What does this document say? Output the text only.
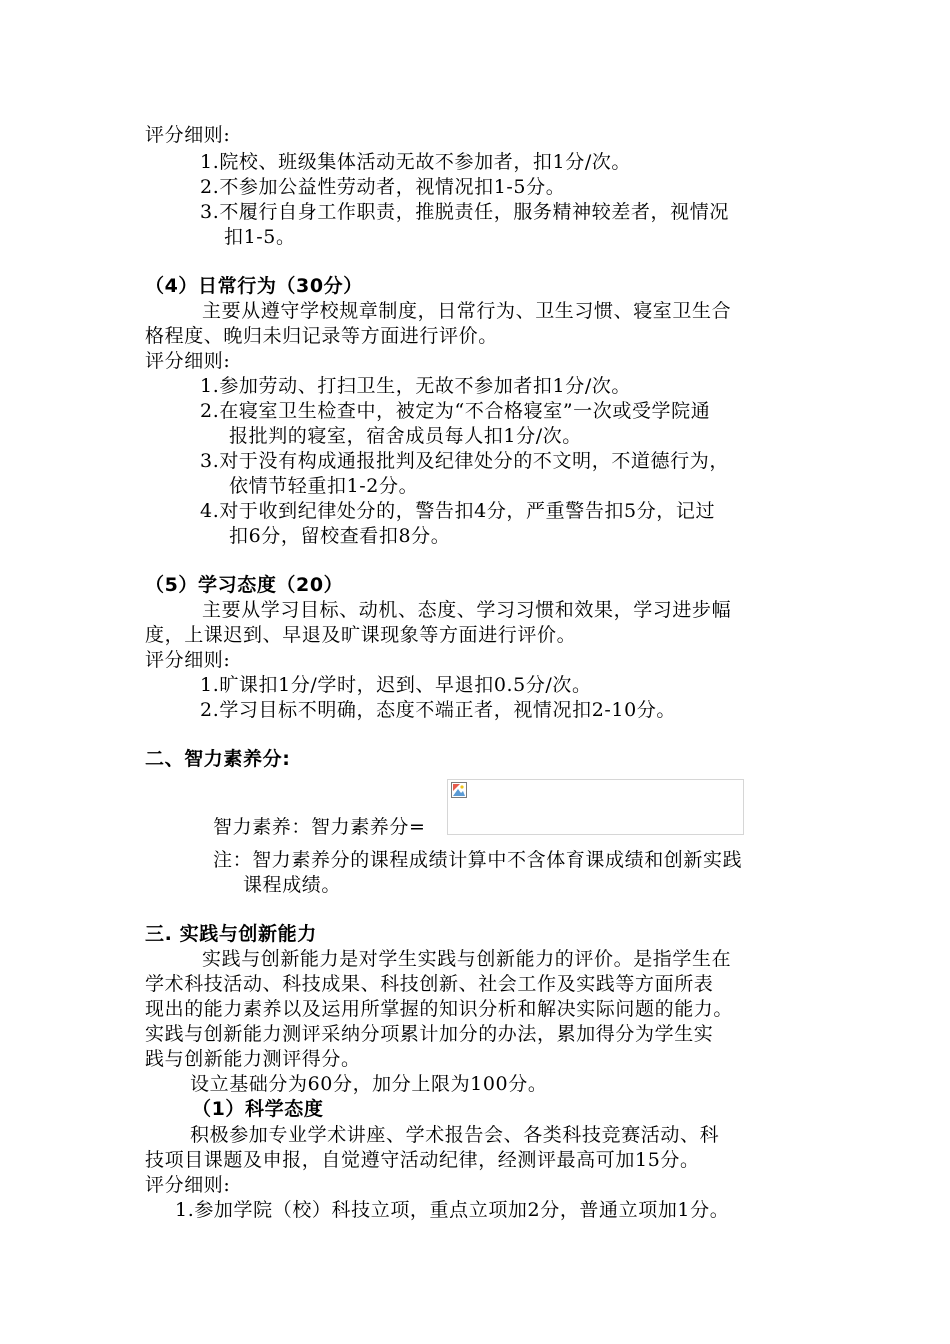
评分细则:
1.院校、班级集体活动无故不参加者，扣1分/次。
2.不参加公益性劳动者，视情况扣1-5分。
3.不履行自身工作职责，推脱责任，服务精神较差者，视情况
扣1-5。
（4）日常行为（30分）
主要从遵守学校规章制度，日常行为、卫生习惯、寝室卫生合
格程度、晚归未归记录等方面进行评价。
评分细则:
1.参加劳动、打扫卫生，无故不参加者扣1分/次。
2.在寝室卫生检查中，被定为“不合格寝室”一次或受学院通
报批判的寝室，宿舍成员每人扣1分/次。
3.对于没有构成通报批判及纪律处分的不文明，不道德行为，
依情节轻重扣1-2分。
4.对于收到纪律处分的，警告扣4分，严重警告扣5分，记过
扣6分，留校查看扣8分。
（5）学习态度（20）
主要从学习目标、动机、态度、学习习惯和效果，学习进步幅
度，上课迟到、早退及旷课现象等方面进行评价。
评分细则:
1.旷课扣1分/学时，迟到、早退扣0.5分/次。
2.学习目标不明确，态度不端正者，视情况扣2-10分。
二、智力素养分:
智力素养：智力素养分=
注：智力素养分的课程成绩计算中不含体育课成绩和创新实践
课程成绩。
三. 实践与创新能力
实践与创新能力是对学生实践与创新能力的评价。是指学生在
学术科技活动、科技成果、科技创新、社会工作及实践等方面所表
现出的能力素养以及运用所掌握的知识分析和解决实际问题的能力。
实践与创新能力测评采纳分项累计加分的办法，累加得分为学生实
践与创新能力测评得分。
设立基础分为60分，加分上限为100分。
（1）科学态度
积极参加专业学术讲座、学术报告会、各类科技竞赛活动、科
技项目课题及申报，自觉遵守活动纪律，经测评最高可加15分。
评分细则:
1.参加学院（校）科技立项，重点立项加2分，普通立项加1分。
